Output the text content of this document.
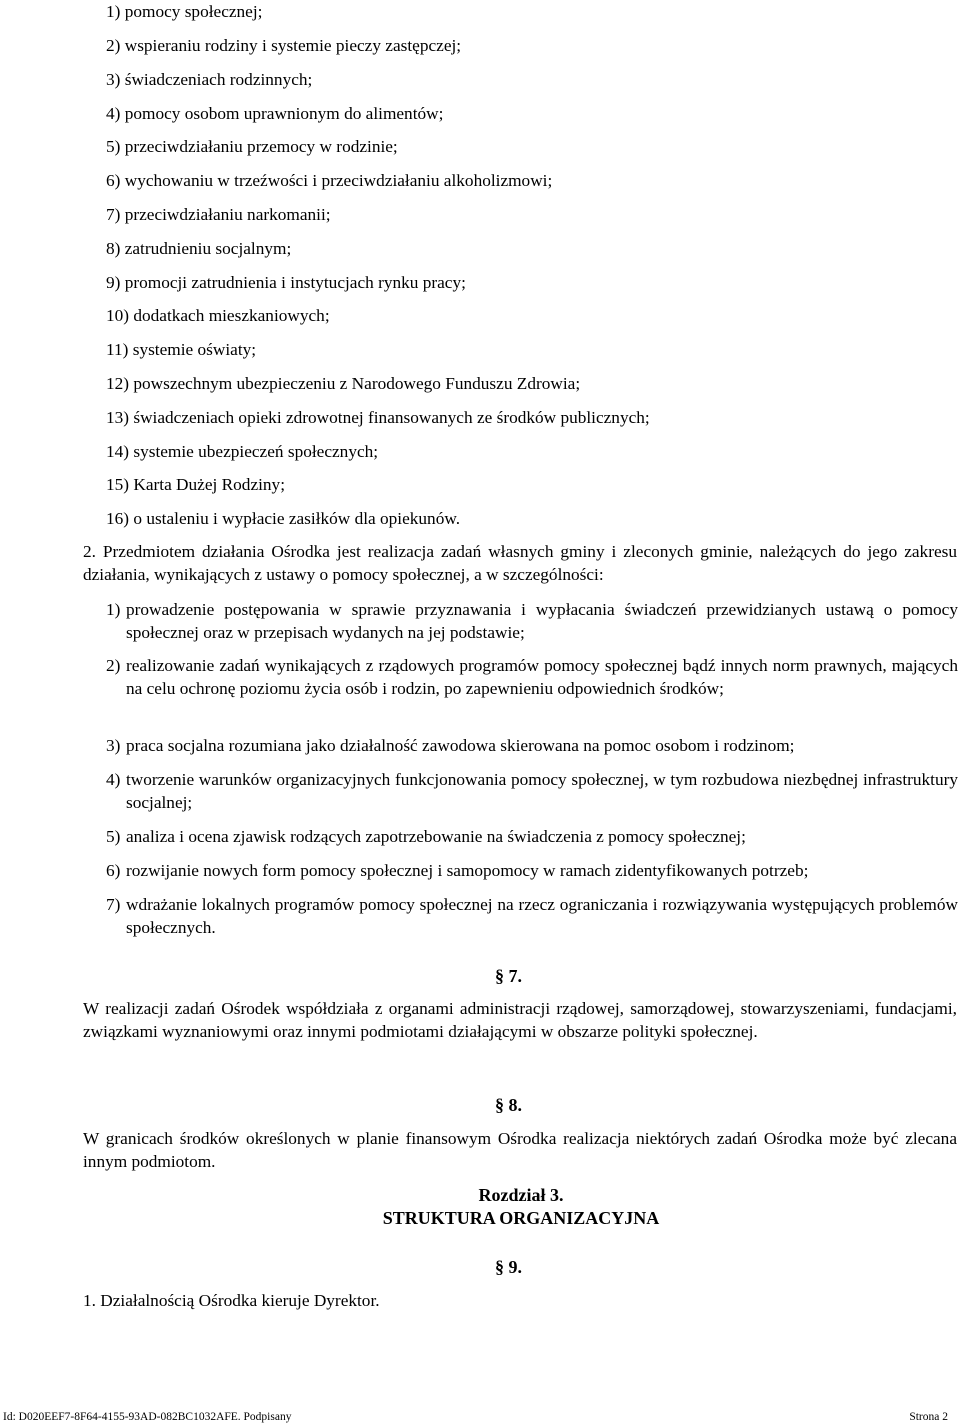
1) pomocy społecznej;
2) wspieraniu rodziny i systemie pieczy zastępczej;
3) świadczeniach rodzinnych;
4) pomocy osobom uprawnionym do alimentów;
5) przeciwdziałaniu przemocy w rodzinie;
6) wychowaniu w trzeźwości i przeciwdziałaniu alkoholizmowi;
7) przeciwdziałaniu narkomanii;
8) zatrudnieniu socjalnym;
9) promocji zatrudnienia i instytucjach rynku pracy;
10) dodatkach mieszkaniowych;
11) systemie oświaty;
12) powszechnym ubezpieczeniu z Narodowego Funduszu Zdrowia;
13) świadczeniach opieki zdrowotnej finansowanych ze środków publicznych;
14) systemie ubezpieczeń społecznych;
15) Karta Dużej Rodziny;
16) o ustaleniu i wypłacie zasiłków dla opiekunów.

2. Przedmiotem działania Ośrodka jest realizacja zadań własnych gminy i zleconych gminie, należących do jego zakresu działania, wynikających z ustawy o pomocy społecznej, a w szczególności:

1) prowadzenie postępowania w sprawie przyznawania i wypłacania świadczeń przewidzianych ustawą o pomocy społecznej oraz w przepisach wydanych na jej podstawie;
2) realizowanie zadań wynikających z rządowych programów pomocy społecznej bądź innych norm prawnych, mających na celu ochronę poziomu życia osób i rodzin, po zapewnieniu odpowiednich środków;
3) praca socjalna rozumiana jako działalność zawodowa skierowana na pomoc osobom i rodzinom;
4) tworzenie warunków organizacyjnych funkcjonowania pomocy społecznej, w tym rozbudowa niezbędnej infrastruktury socjalnej;
5) analiza i ocena zjawisk rodzących zapotrzebowanie na świadczenia z pomocy społecznej;
6) rozwijanie nowych form pomocy społecznej i samopomocy w ramach zidentyfikowanych potrzeb;
7) wdrażanie lokalnych programów pomocy społecznej na rzecz ograniczania i rozwiązywania występujących problemów społecznych.
§ 7.

W realizacji zadań Ośrodek współdziała z organami administracji rządowej, samorządowej, stowarzyszeniami, fundacjami, związkami wyznaniowymi oraz innymi podmiotami działającymi w obszarze polityki społecznej.

§ 8.

W granicach środków określonych w planie finansowym Ośrodka realizacja niektórych zadań Ośrodka może być zlecana innym podmiotom.

Rozdział 3.
STRUKTURA ORGANIZACYJNA
§ 9.
1. Działalnością Ośrodka kieruje Dyrektor.
Id: D020EEF7-8F64-4155-93AD-082BC1032AFE. Podpisany	Strona 2
